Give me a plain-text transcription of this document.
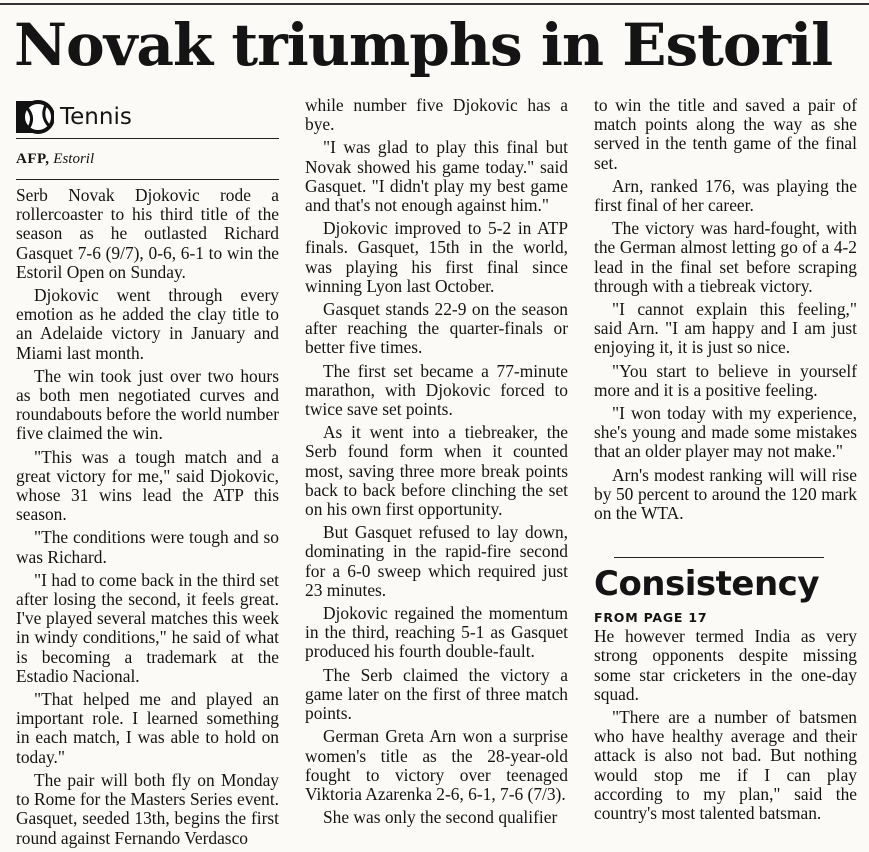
Novak triumphs in Estoril
Tennis
AFP, Estoril

Serb Novak Djokovic rode a rollercoaster to his third title of the season as he outlasted Richard Gasquet 7-6 (9/7), 0-6, 6-1 to win the Estoril Open on Sunday.

Djokovic went through every emotion as he added the clay title to an Adelaide victory in January and Miami last month.

The win took just over two hours as both men negotiated curves and roundabouts before the world number five claimed the win.

"This was a tough match and a great victory for me," said Djokovic, whose 31 wins lead the ATP this season.

"The conditions were tough and so was Richard.

"I had to come back in the third set after losing the second, it feels great. I've played several matches this week in windy conditions," he said of what is becoming a trademark at the Estadio Nacional.

"That helped me and played an important role. I learned something in each match, I was able to hold on today."

The pair will both fly on Monday to Rome for the Masters Series event. Gasquet, seeded 13th, begins the first round against Fernando Verdasco

while number five Djokovic has a bye.

"I was glad to play this final but Novak showed his game today." said Gasquet. "I didn't play my best game and that's not enough against him."

Djokovic improved to 5-2 in ATP finals. Gasquet, 15th in the world, was playing his first final since winning Lyon last October.

Gasquet stands 22-9 on the season after reaching the quarter-finals or better five times.

The first set became a 77-minute marathon, with Djokovic forced to twice save set points.

As it went into a tiebreaker, the Serb found form when it counted most, saving three more break points back to back before clinching the set on his own first opportunity.

But Gasquet refused to lay down, dominating in the rapid-fire second for a 6-0 sweep which required just 23 minutes.

Djokovic regained the momentum in the third, reaching 5-1 as Gasquet produced his fourth double-fault.

The Serb claimed the victory a game later on the first of three match points.

German Greta Arn won a surprise women's title as the 28-year-old fought to victory over teenaged Viktoria Azarenka 2-6, 6-1, 7-6 (7/3).

She was only the second qualifier

to win the title and saved a pair of match points along the way as she served in the tenth game of the final set.

Arn, ranked 176, was playing the first final of her career.

The victory was hard-fought, with the German almost letting go of a 4-2 lead in the final set before scraping through with a tiebreak victory.

"I cannot explain this feeling," said Arn. "I am happy and I am just enjoying it, it is just so nice.

"You start to believe in yourself more and it is a positive feeling.

"I won today with my experience, she's young and made some mistakes that an older player may not make."

Arn's modest ranking will will rise by 50 percent to around the 120 mark on the WTA.

Consistency
FROM PAGE 17

He however termed India as very strong opponents despite missing some star cricketers in the one-day squad.

"There are a number of batsmen who have healthy average and their attack is also not bad. But nothing would stop me if I can play according to my plan," said the country's most talented batsman.
